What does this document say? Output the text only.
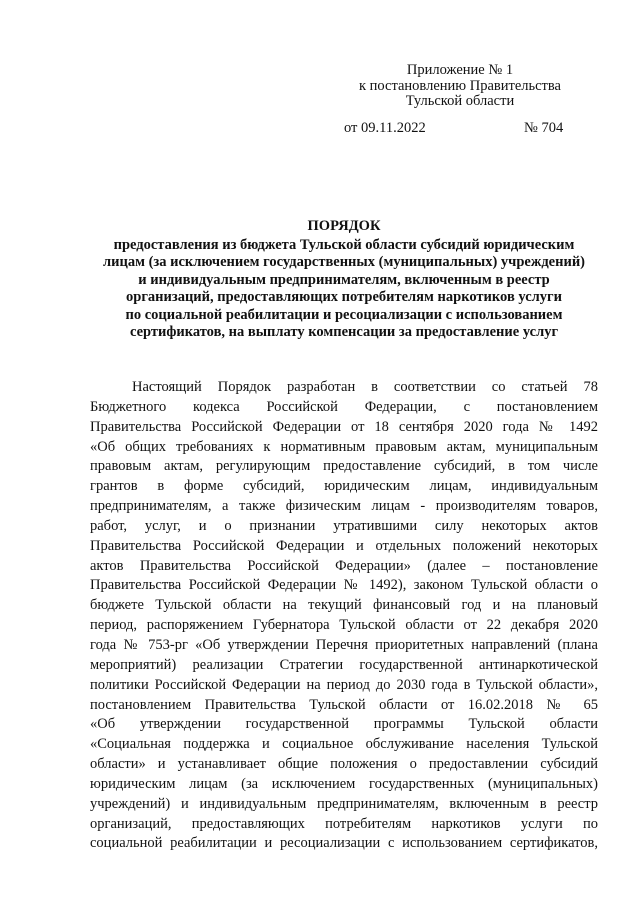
Приложение № 1
к постановлению Правительства
Тульской области
от 09.11.2022	№ 704
ПОРЯДОК
предоставления из бюджета Тульской области субсидий юридическим
лицам (за исключением государственных (муниципальных) учреждений)
и индивидуальным предпринимателям, включенным в реестр
организаций, предоставляющих потребителям наркотиков услуги
по социальной реабилитации и ресоциализации с использованием
сертификатов, на выплату компенсации за предоставление услуг
Настоящий Порядок разработан в соответствии со статьей 78
Бюджетного кодекса Российской Федерации, с постановлением
Правительства Российской Федерации от 18 сентября 2020 года № 1492
«Об общих требованиях к нормативным правовым актам, муниципальным
правовым актам, регулирующим предоставление субсидий, в том числе
грантов в форме субсидий, юридическим лицам, индивидуальным
предпринимателям, а также физическим лицам - производителям товаров,
работ, услуг, и о признании утратившими силу некоторых актов
Правительства Российской Федерации и отдельных положений некоторых
актов Правительства Российской Федерации» (далее – постановление
Правительства Российской Федерации № 1492), законом Тульской области о
бюджете Тульской области на текущий финансовый год и на плановый
период, распоряжением Губернатора Тульской области от 22 декабря 2020
года № 753-рг «Об утверждении Перечня приоритетных направлений (плана
мероприятий) реализации Стратегии государственной антинаркотической
политики Российской Федерации на период до 2030 года в Тульской области»,
постановлением Правительства Тульской области от 16.02.2018 № 65
«Об утверждении государственной программы Тульской области
«Социальная поддержка и социальное обслуживание населения Тульской
области» и устанавливает общие положения о предоставлении субсидий
юридическим лицам (за исключением государственных (муниципальных)
учреждений) и индивидуальным предпринимателям, включенным в реестр
организаций, предоставляющих потребителям наркотиков услуги по
социальной реабилитации и ресоциализации с использованием сертификатов,
